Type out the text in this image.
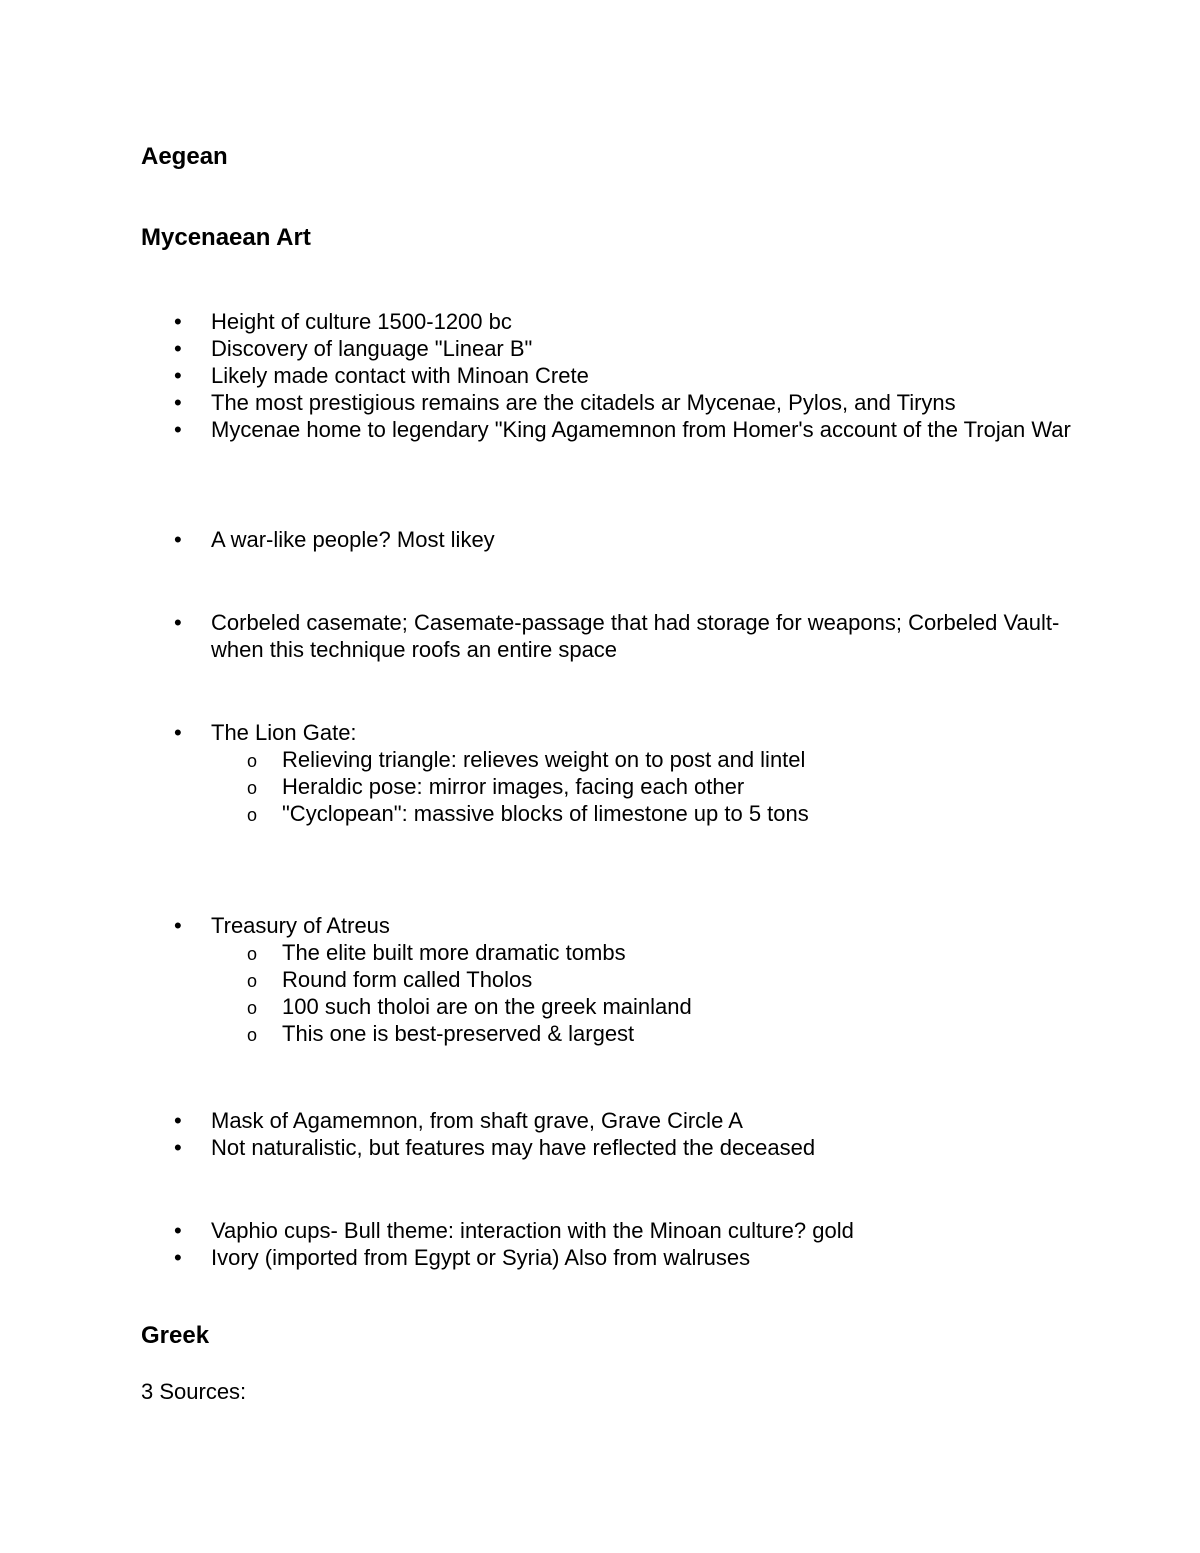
Aegean
Mycenaean Art
• Height of culture 1500-1200 bc
• Discovery of language "Linear B"
• Likely made contact with Minoan Crete
• The most prestigious remains are the citadels ar Mycenae, Pylos, and Tiryns
• Mycenae home to legendary "King Agamemnon from Homer's account of the Trojan War
• A war-like people? Most likey
• Corbeled casemate; Casemate-passage that had storage for weapons; Corbeled Vault-when this technique roofs an entire space
• The Lion Gate:
o Relieving triangle: relieves weight on to post and lintel
o Heraldic pose: mirror images, facing each other
o "Cyclopean": massive blocks of limestone up to 5 tons
• Treasury of Atreus
o The elite built more dramatic tombs
o Round form called Tholos
o 100 such tholoi are on the greek mainland
o This one is best-preserved & largest
• Mask of Agamemnon, from shaft grave, Grave Circle A
• Not naturalistic, but features may have reflected the deceased
• Vaphio cups- Bull theme: interaction with the Minoan culture? gold
• Ivory (imported from Egypt or Syria) Also from walruses
Greek

3 Sources:
